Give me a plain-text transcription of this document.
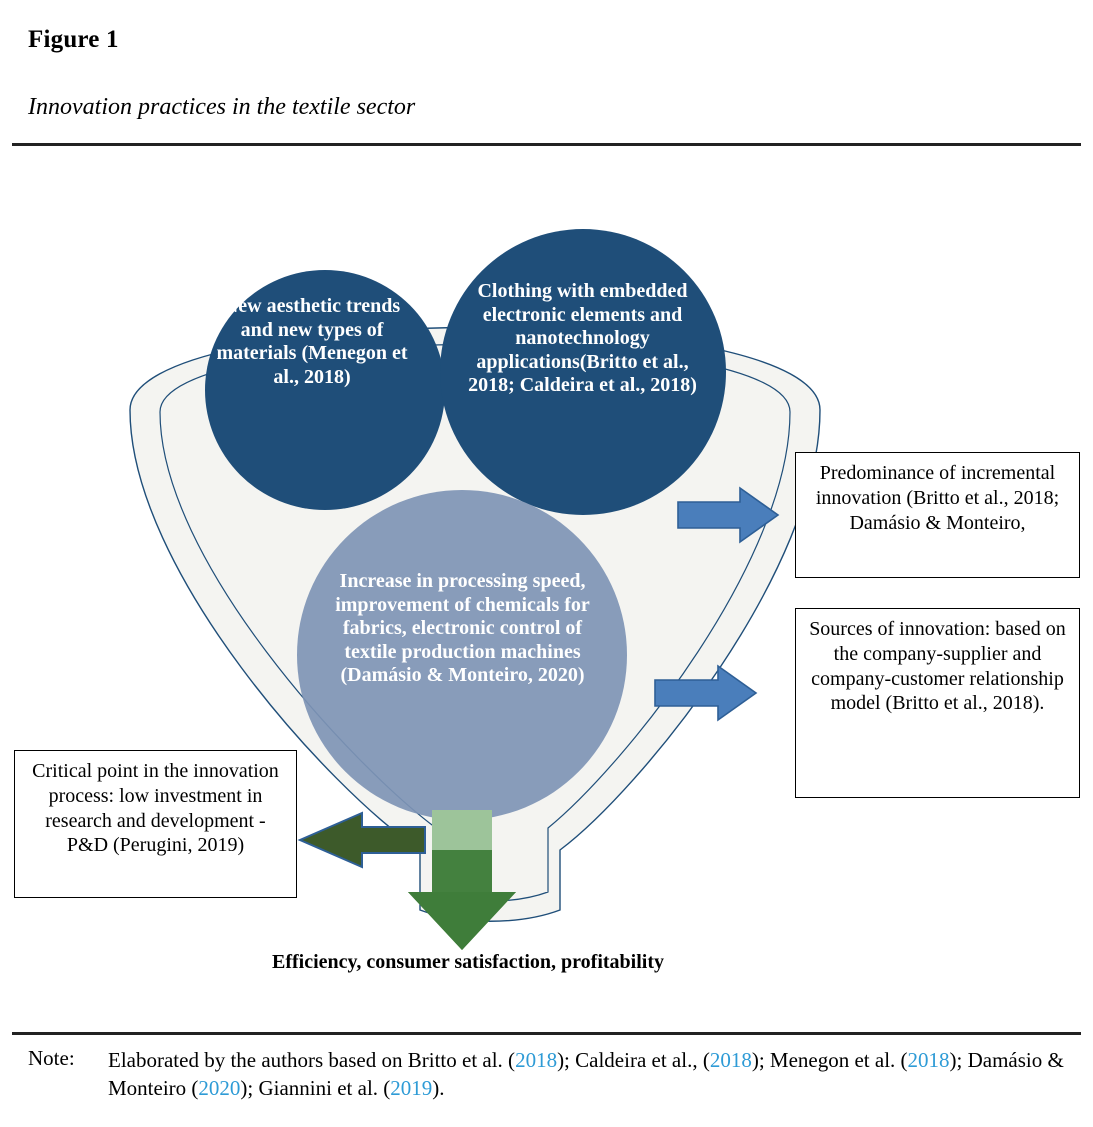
Figure 1
Innovation practices in the textile sector
New aesthetic trends and new types of materials (Menegon et al., 2018)
Clothing with embedded electronic elements and nanotechnology applications(Britto et al., 2018; Caldeira et al., 2018)
Increase in processing speed, improvement of chemicals for fabrics, electronic control of textile production machines (Damásio & Monteiro, 2020)
Predominance of incremental innovation (Britto et al., 2018; Damásio & Monteiro,
Sources of innovation: based on the company-supplier and company-customer relationship model (Britto et al., 2018).
Critical point in the innovation process: low investment in research and development - P&D (Perugini, 2019)
Efficiency, consumer satisfaction, profitability
Note: Elaborated by the authors based on Britto et al. (2018); Caldeira et al., (2018); Menegon et al. (2018); Damásio & Monteiro (2020); Giannini et al. (2019).
